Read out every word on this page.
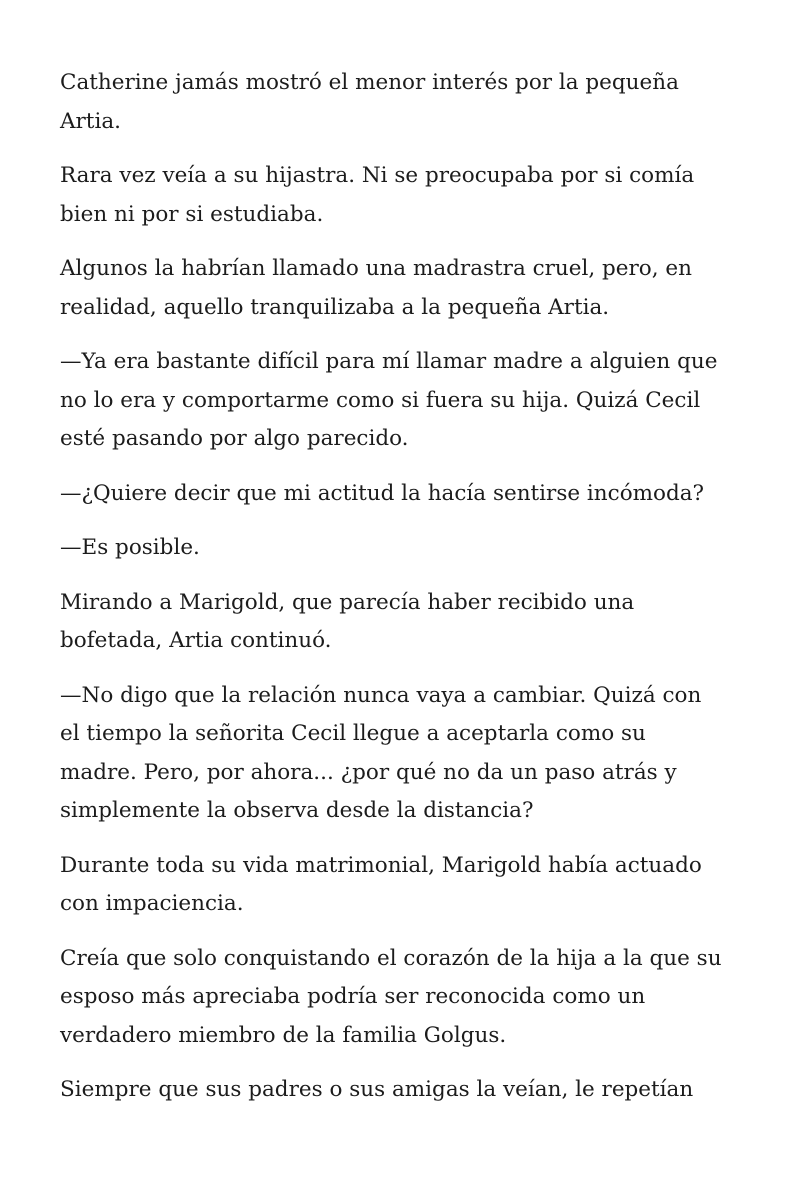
Catherine jamás mostró el menor interés por la pequeña
Artia.

Rara vez veía a su hijastra. Ni se preocupaba por si comía
bien ni por si estudiaba.

Algunos la habrían llamado una madrastra cruel, pero, en
realidad, aquello tranquilizaba a la pequeña Artia.

—Ya era bastante difícil para mí llamar madre a alguien que
no lo era y comportarme como si fuera su hija. Quizá Cecil
esté pasando por algo parecido.

—¿Quiere decir que mi actitud la hacía sentirse incómoda?

—Es posible.

Mirando a Marigold, que parecía haber recibido una
bofetada, Artia continuó.

—No digo que la relación nunca vaya a cambiar. Quizá con
el tiempo la señorita Cecil llegue a aceptarla como su
madre. Pero, por ahora... ¿por qué no da un paso atrás y
simplemente la observa desde la distancia?

Durante toda su vida matrimonial, Marigold había actuado
con impaciencia.

Creía que solo conquistando el corazón de la hija a la que su
esposo más apreciaba podría ser reconocida como un
verdadero miembro de la familia Golgus.

Siempre que sus padres o sus amigas la veían, le repetían
